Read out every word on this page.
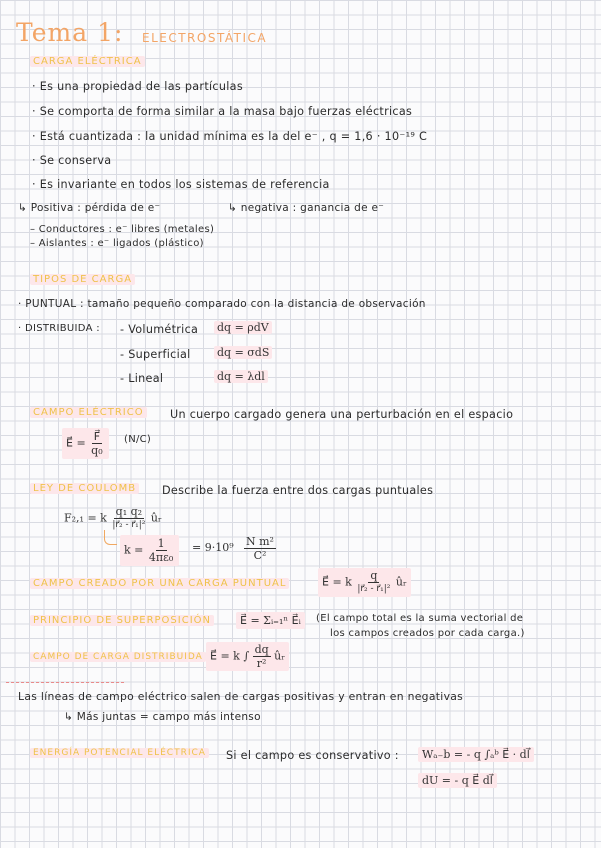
Tema 1: ELECTROSTÁTICA
CARGA ELÉCTRICA
· Es una propiedad de las partículas
· Se comporta de forma similar a la masa bajo fuerzas eléctricas
· Está cuantizada : la unidad mínima es la del e⁻ , q = 1,6 · 10⁻¹⁹ C
· Se conserva
· Es invariante en todos los sistemas de referencia
↳ Positiva : pérdida de e⁻	↳ negativa : ganancia de e⁻
– Conductores : e⁻ libres (metales)
– Aislantes : e⁻ ligados (plástico)
TIPOS DE CARGA
· PUNTUAL : tamaño pequeño comparado con la distancia de observación
· DISTRIBUIDA : - Volumétrica dq = ρdV
- Superficial dq = σdS
- Lineal	dq = λdl
CAMPO ELÉCTRICO Un cuerpo cargado genera una perturbación en el espacio
E⃗ = $\frac{F⃗}{\text{q₀}} (N/C)$
LEY DE COULOMB Describe la fuerza entre dos cargas puntuales
F₂,₁ = k $\frac{\text{q₁ q₂}}{\text{|r⃗₂ - r⃗₁|²}}$ ûᵣ
$k = \frac{1}{\text{4πε₀}} = 9\cdot 10^9 \frac{\text{N m²}}{\text{C²}}$
CAMPO CREADO POR UNA CARGA PUNTUAL	E⃗ = k $\frac{q}{\text{|r⃗₂ - r⃗₁|²}}$ ûᵣ
PRINCIPIO DE SUPERPOSICIÓN	E⃗ = Σᵢ₌₁ⁿ E⃗ᵢ	(El campo total es la suma vectorial de
los campos creados por cada carga.)
CAMPO DE CARGA DISTRIBUIDA E⃗ = k ∫ $\frac{dq}{\text{r²}}$ ûᵣ
Las líneas de campo eléctrico salen de cargas positivas y entran en negativas
↳ Más juntas = campo más intenso
ENERGÍA POTENCIAL ELÉCTRICA Si el campo es conservativo :	Wₐ₋b = - q ∫ₐᵇ E⃗ · dl⃗
dU = - q E⃗ dl⃗
